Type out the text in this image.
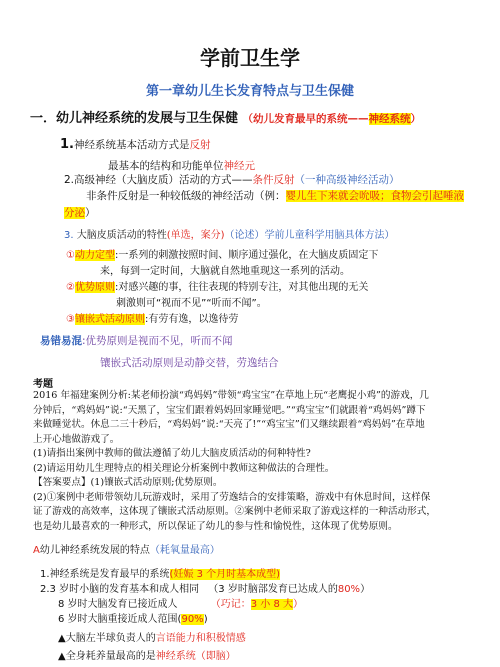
学前卫生学
第一章幼儿生长发育特点与卫生保健
一．幼儿神经系统的发展与卫生保健 （幼儿发育最早的系统——神经系统）
1.神经系统基本活动方式是反射
最基本的结构和功能单位神经元
2.高级神经（大脑皮质）活动的方式——条件反射（一种高级神经活动）
非条件反射是一种较低级的神经活动（例：婴儿生下来就会吮吸；食物会引起唾液分泌）
3. 大脑皮质活动的特性(单选，案分)（论述）学前儿童科学用脑具体方法）
①动力定型:一系列的刺激按照时间、顺序通过强化，在大脑皮质固定下
来，每到一定时间，大脑就自然地重现这一系列的活动。
②优势原则:对感兴趣的事，往往表现的特别专注，对其他出现的无关
刺激则可“视而不见”“听而不闻”。
③镶嵌式活动原则:有劳有逸，以逸待劳
易错易混:优势原则是视而不见，听而不闻
镶嵌式活动原则是动静交替，劳逸结合
考题
2016 年福建案例分析:某老师扮演“鸡妈妈”带领“鸡宝宝”在草地上玩“老鹰捉小鸡”的游戏，几
分钟后，“鸡妈妈”说:“天黑了，宝宝们跟着妈妈回家睡觉吧。”“鸡宝宝”们就跟着“鸡妈妈”蹲下
来做睡觉状。休息二三十秒后，“鸡妈妈”说:“天亮了!”“鸡宝宝”们又继续跟着“鸡妈妈”在草地
上开心地做游戏了。
(1)请指出案例中教师的做法遵循了幼儿大脑皮质活动的何种特性?
(2)请运用幼儿生理特点的相关理论分析案例中教师这种做法的合理性。
【答案要点】(1)镶嵌式活动原则;优势原则。
(2)①案例中老师带领幼儿玩游戏时，采用了劳逸结合的安排策略，游戏中有休息时间，这样保
证了游戏的高效率，这体现了镶嵌式活动原则。②案例中老师采取了游戏这样的一种活动形式，
也是幼儿最喜欢的一种形式，所以保证了幼儿的参与性和愉悦性，这体现了优势原则。
A幼儿神经系统发展的特点（耗氧量最高）
1.神经系统是发育最早的系统(妊娠 3 个月时基本成型)
2.3 岁时小脑的发育基本和成人相同 （3 岁时脑部发育已达成人的80%）
8 岁时大脑发育已接近成人	（巧记：3 小 8 大）
6 岁时大脑重接近成人范围(90%)
▲大脑左半球负责人的言语能力和积极情感
▲全身耗养量最高的是神经系统（即脑）
